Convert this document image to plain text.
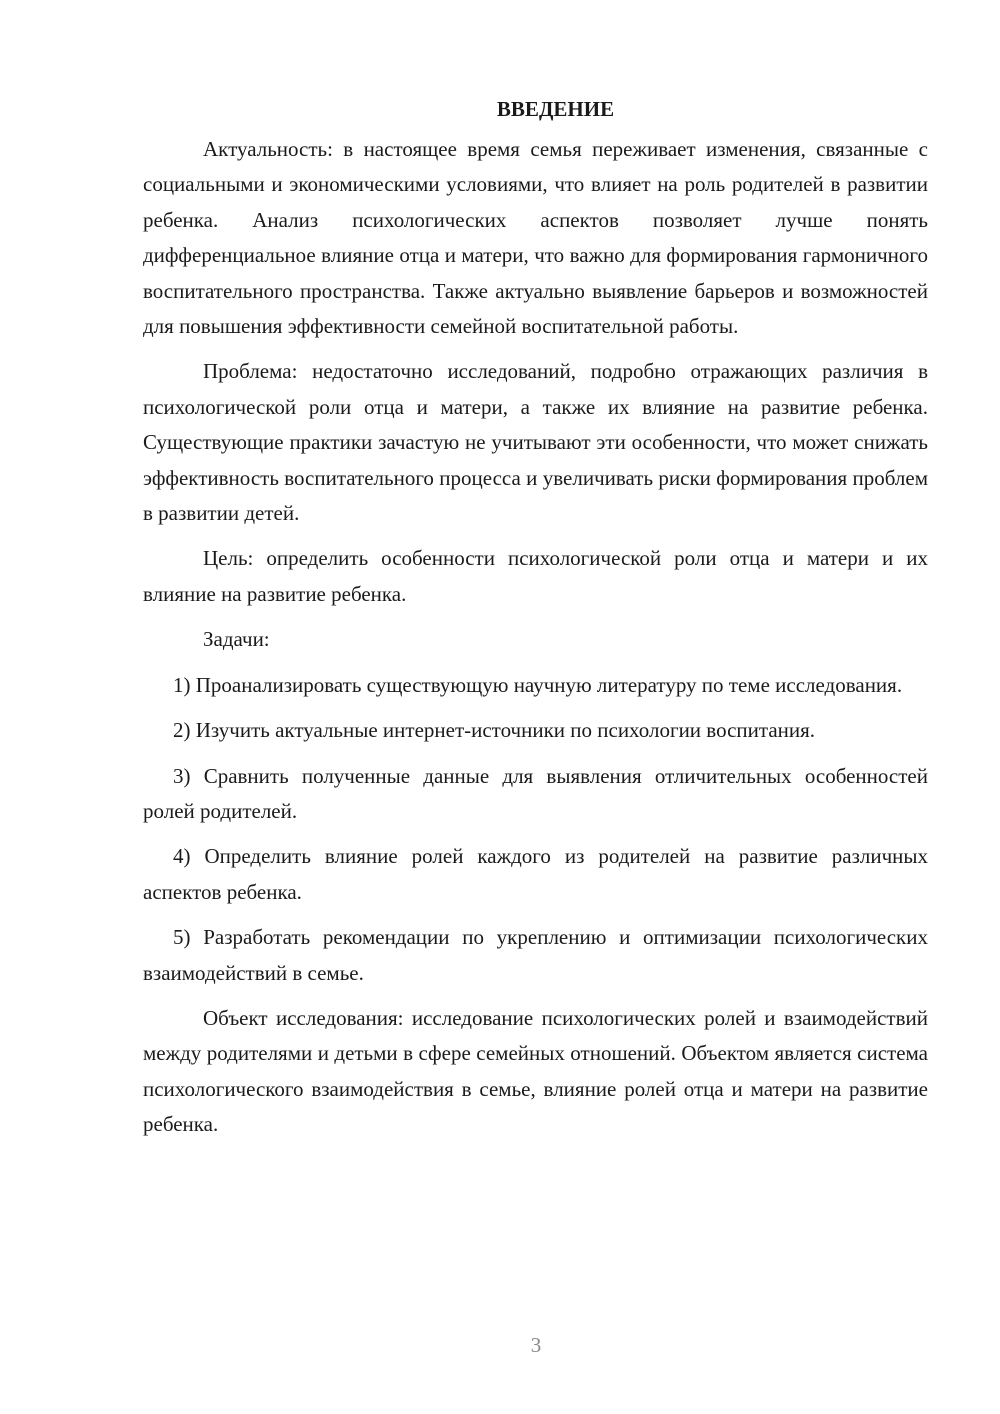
ВВЕДЕНИЕ

Актуальность: в настоящее время семья переживает изменения, связанные с социальными и экономическими условиями, что влияет на роль родителей в развитии ребенка. Анализ психологических аспектов позволяет лучше понять дифференциальное влияние отца и матери, что важно для формирования гармоничного воспитательного пространства. Также актуально выявление барьеров и возможностей для повышения эффективности семейной воспитательной работы.

Проблема: недостаточно исследований, подробно отражающих различия в психологической роли отца и матери, а также их влияние на развитие ребенка. Существующие практики зачастую не учитывают эти особенности, что может снижать эффективность воспитательного процесса и увеличивать риски формирования проблем в развитии детей.

Цель: определить особенности психологической роли отца и матери и их влияние на развитие ребенка.

Задачи:

1) Проанализировать существующую научную литературу по теме исследования.

2) Изучить актуальные интернет-источники по психологии воспитания.

3) Сравнить полученные данные для выявления отличительных особенностей ролей родителей.

4) Определить влияние ролей каждого из родителей на развитие различных аспектов ребенка.

5) Разработать рекомендации по укреплению и оптимизации психологических взаимодействий в семье.

Объект исследования: исследование психологических ролей и взаимодействий между родителями и детьми в сфере семейных отношений. Объектом является система психологического взаимодействия в семье, влияние ролей отца и матери на развитие ребенка.

3
